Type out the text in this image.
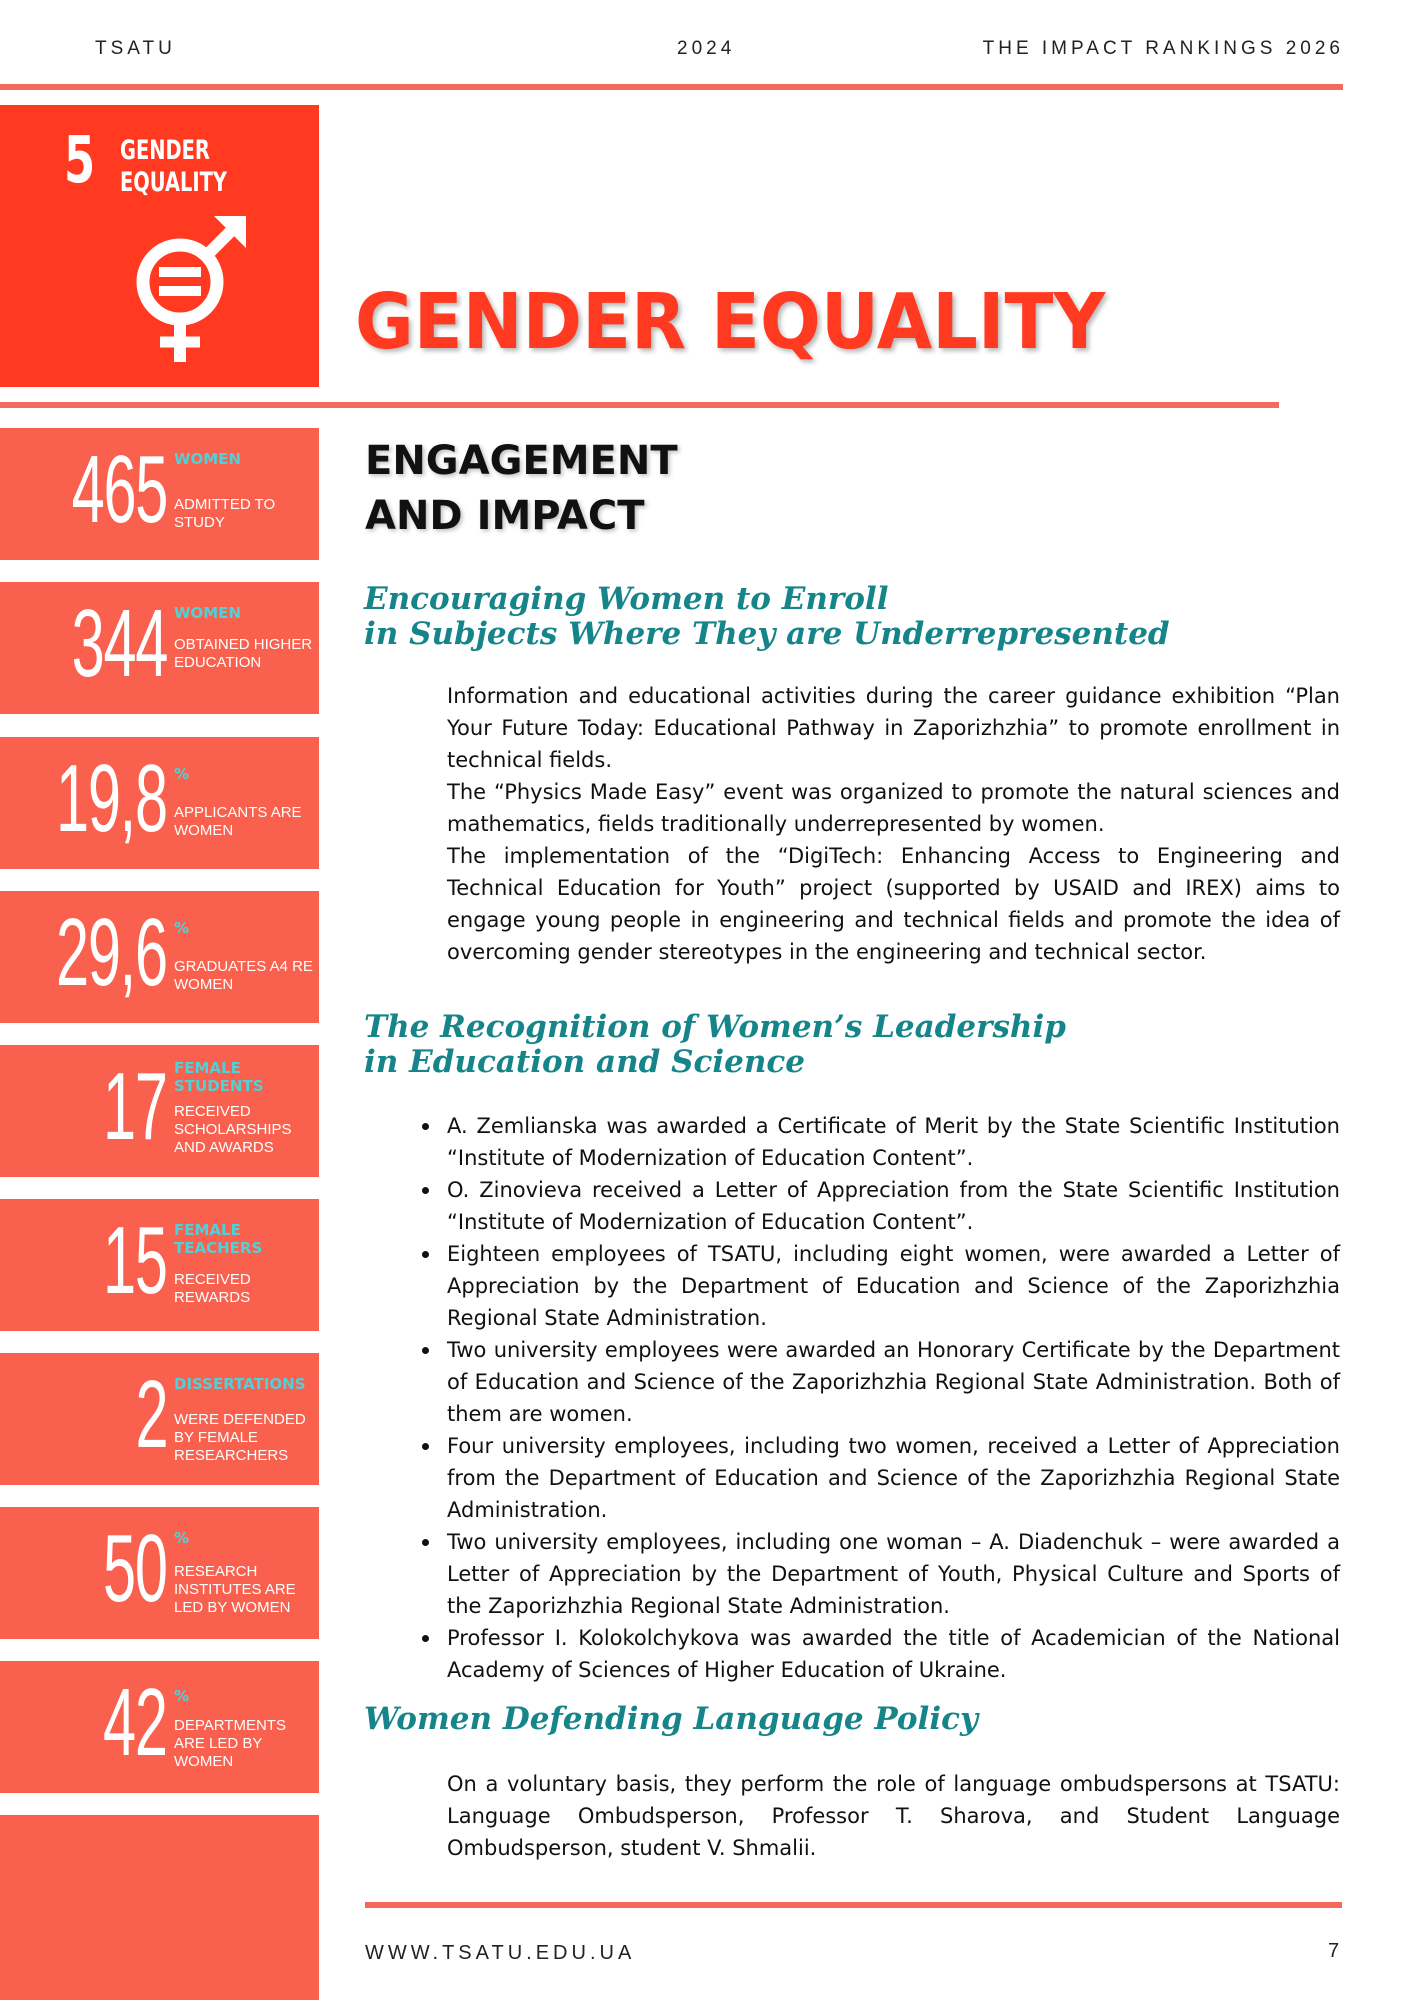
TSATU	2024	THE IMPACT RANKINGS 2026
5 GENDER
EQUALITY
GENDER EQUALITY
465 WOMEN
ADMITTED TO STUDY
344 WOMEN
OBTAINED HIGHER EDUCATION
19,8 %
APPLICANTS ARE WOMEN
29,6 %
GRADUATES A4 RE WOMEN
17 FEMALE STUDENTS
RECEIVED SCHOLARSHIPS AND AWARDS
15 FEMALE TEACHERS
RECEIVED REWARDS
2 DISSERTATIONS
WERE DEFENDED BY FEMALE RESEARCHERS
50 %
RESEARCH INSTITUTES ARE LED BY WOMEN
42 %
DEPARTMENTS ARE LED BY WOMEN
ENGAGEMENT
AND IMPACT
Encouraging Women to Enroll
in Subjects Where They are Underrepresented

Information and educational activities during the career guidance exhibition “Plan Your Future Today: Educational Pathway in Zaporizhzhia” to promote enrollment in technical fields.

The “Physics Made Easy” event was organized to promote the natural sciences and mathematics, fields traditionally underrepresented by women.

The implementation of the “DigiTech: Enhancing Access to Engineering and Technical Education for Youth” project (supported by USAID and IREX) aims to engage young people in engineering and technical fields and promote the idea of overcoming gender stereotypes in the engineering and technical sector.

The Recognition of Women’s Leadership
in Education and Science
A. Zemlianska was awarded a Certificate of Merit by the State Scientific Institution “Institute of Modernization of Education Content”.
O. Zinovieva received a Letter of Appreciation from the State Scientific Institution “Institute of Modernization of Education Content”.
Eighteen employees of TSATU, including eight women, were awarded a Letter of Appreciation by the Department of Education and Science of the Zaporizhzhia Regional State Administration.
Two university employees were awarded an Honorary Certificate by the Department of Education and Science of the Zaporizhzhia Regional State Administration. Both of them are women.
Four university employees, including two women, received a Letter of Appreciation from the Department of Education and Science of the Zaporizhzhia Regional State Administration.
Two university employees, including one woman – A. Diadenchuk – were awarded a Letter of Appreciation by the Department of Youth, Physical Culture and Sports of the Zaporizhzhia Regional State Administration.
Professor I. Kolokolchykova was awarded the title of Academician of the National Academy of Sciences of Higher Education of Ukraine.
Women Defending Language Policy

On a voluntary basis, they perform the role of language ombudspersons at TSATU: Language Ombudsperson, Professor T. Sharova, and Student Language Ombudsperson, student V. Shmalii.

WWW.TSATU.EDU.UA	7
